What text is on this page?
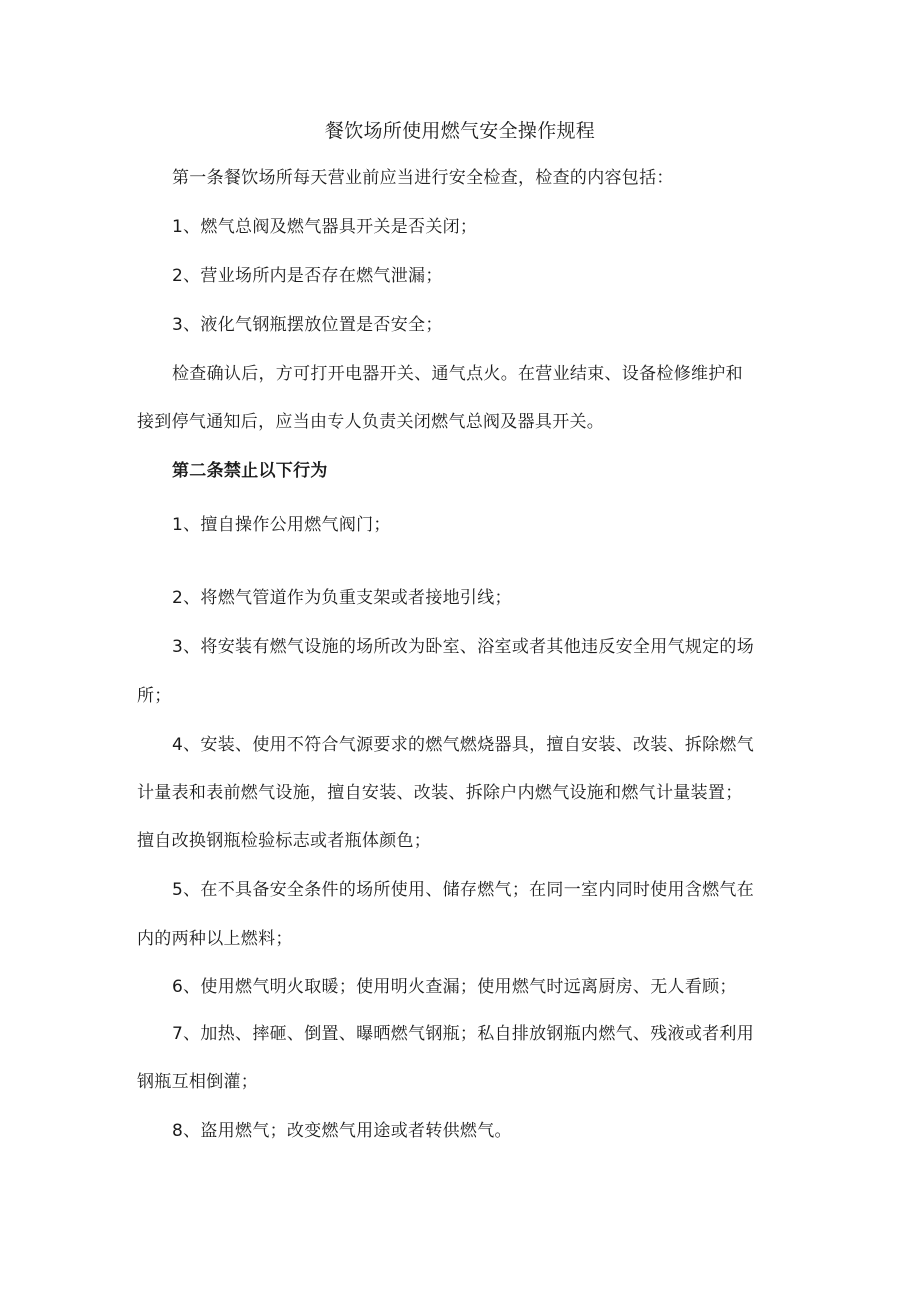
餐饮场所使用燃气安全操作规程
第一条餐饮场所每天营业前应当进行安全检查，检查的内容包括：
1、燃气总阀及燃气器具开关是否关闭；
2、营业场所内是否存在燃气泄漏；
3、液化气钢瓶摆放位置是否安全；
检查确认后，方可打开电器开关、通气点火。在营业结束、设备检修维护和
接到停气通知后，应当由专人负责关闭燃气总阀及器具开关。
第二条禁止以下行为
1、擅自操作公用燃气阀门；
2、将燃气管道作为负重支架或者接地引线；
3、将安装有燃气设施的场所改为卧室、浴室或者其他违反安全用气规定的场
所；
4、安装、使用不符合气源要求的燃气燃烧器具，擅自安装、改装、拆除燃气
计量表和表前燃气设施，擅自安装、改装、拆除户内燃气设施和燃气计量装置；
擅自改换钢瓶检验标志或者瓶体颜色；
5、在不具备安全条件的场所使用、储存燃气；在同一室内同时使用含燃气在
内的两种以上燃料；
6、使用燃气明火取暖；使用明火查漏；使用燃气时远离厨房、无人看顾；
7、加热、摔砸、倒置、曝晒燃气钢瓶；私自排放钢瓶内燃气、残液或者利用
钢瓶互相倒灌；
8、盗用燃气；改变燃气用途或者转供燃气。
